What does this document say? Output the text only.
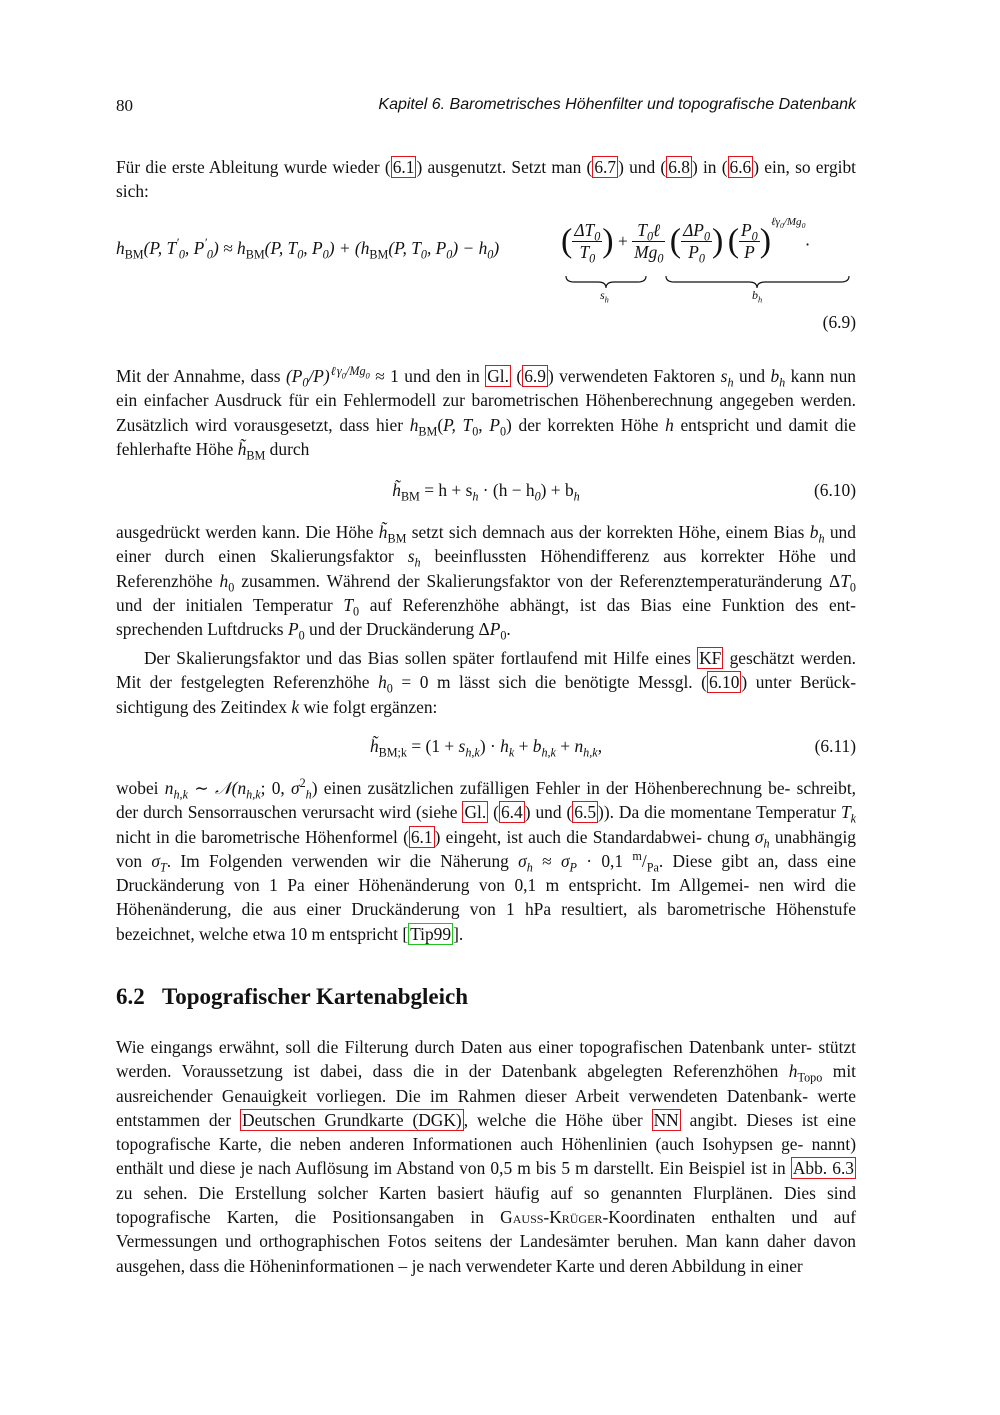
80	Kapitel 6. Barometrisches Höhenfilter und topografische Datenbank

Für die erste Ableitung wurde wieder ( 6.1 ) ausgenutzt. Setzt man ( 6.7 ) und ( 6.8 ) in ( 6.6 ) ein, so ergibt sich:

$h_{BM}(P$, $T'_0$, $P'_0) \approx h_{BM}(P$, $T_0$, $P_0) + (h_{BM}(P$, $T_0$, $P_0) - h_0$) ( $\frac{\Delta T_0}{T_0}$ ) + $\frac{T_0\ell}{Mg_0}$ ( $\frac{\Delta P_0}{P_0}$ ) ( $\frac{P_0}{P} )^{\ell\gamma_0/Mg_0}$.
$s_h$	$b_h$
(6.9)

Mit der Annahme, dass $(P_0/P)^{\ell\gamma_0/Mg_0} \approx 1$ und den in Gl. ( 6.9 ) verwendeten Faktoren $s_h$ und $b_h$ kann nun ein einfacher Ausdruck für ein Fehlermodell zur barometrischen Höhenberechnung angegeben werden. Zusätzlich wird vorausgesetzt, dass hier $h_{BM}(P$, $T_0$, $P_0$) der korrekten Höhe h entspricht und damit die fehlerhafte Höhe $h̃_{BM}$ durch

$h̃_{BM} = h + s_h \cdot (h - h_0) + b_h$	(6.10)

ausgedrückt werden kann. Die Höhe $h̃_{BM}$ setzt sich demnach aus der korrekten Höhe, einem Bias $b_h$ und einer durch einen Skalierungsfaktor $s_h$ beeinflussten Höhendifferenz aus korrekter Höhe und Referenzhöhe $h_0$ zusammen. Während der Skalierungsfaktor von der Referenztemperaturänderung $\Delta T_0$ und der initialen Temperatur $T_0$ auf Referenzhöhe abhängt, ist das Bias eine Funktion des ent- sprechenden Luftdrucks $P_0$ und der Druckänderung $\Delta P_0$.

Der Skalierungsfaktor und das Bias sollen später fortlaufend mit Hilfe eines KF geschätzt werden. Mit der festgelegten Referenzhöhe $h_0 = 0$ m lässt sich die benötigte Messgl. ( 6.10 ) unter Berück- sichtigung des Zeitindex k wie folgt ergänzen:

$h̃_{BM;k} = (1 + s_{h,k}) \cdot h_k + b_{h,k} + n_{h,k}$,	(6.11)

wobei $n_{h,k}$ ∼ $𝒩(n_{h,k}$; 0, $\sigma^2_h$) einen zusätzlichen zufälligen Fehler in der Höhenberechnung be- schreibt, der durch Sensorrauschen verursacht wird (siehe Gl. ( 6.4 ) und ( 6.5 )). Da die momentane Temperatur $T_k$ nicht in die barometrische Höhenformel ( 6.1 ) eingeht, ist auch die Standardabwei- chung $\sigma_h$ unabhängig von $\sigma_T$. Im Folgenden verwenden wir die Näherung $\sigma_h \approx \sigma_P \cdot 0,1$ $^m/_{Pa}$. Diese gibt an, dass eine Druckänderung von 1 Pa einer Höhenänderung von 0,1 m entspricht. Im Allgemei- nen wird die Höhenänderung, die aus einer Druckänderung von 1 hPa resultiert, als barometrische Höhenstufe bezeichnet, welche etwa 10 m entspricht [ Tip99 ].

6.2 Topografischer Kartenabgleich

Wie eingangs erwähnt, soll die Filterung durch Daten aus einer topografischen Datenbank unter- stützt werden. Voraussetzung ist dabei, dass die in der Datenbank abgelegten Referenzhöhen $h_{Topo}$ mit ausreichender Genauigkeit vorliegen. Die im Rahmen dieser Arbeit verwendeten Datenbank- werte entstammen der Deutschen Grundkarte (DGK) , welche die Höhe über NN angibt. Dieses ist eine topografische Karte, die neben anderen Informationen auch Höhenlinien (auch Isohypsen ge- nannt) enthält und diese je nach Auflösung im Abstand von 0,5 m bis 5 m darstellt. Ein Beispiel ist in Abb. 6.3 zu sehen. Die Erstellung solcher Karten basiert häufig auf so genannten Flurplänen. Dies sind topografische Karten, die Positionsangaben in Gauss-Krüger-Koordinaten enthalten und auf Vermessungen und orthographischen Fotos seitens der Landesämter beruhen. Man kann daher davon ausgehen, dass die Höheninformationen – je nach verwendeter Karte und deren Abbildung in einer
